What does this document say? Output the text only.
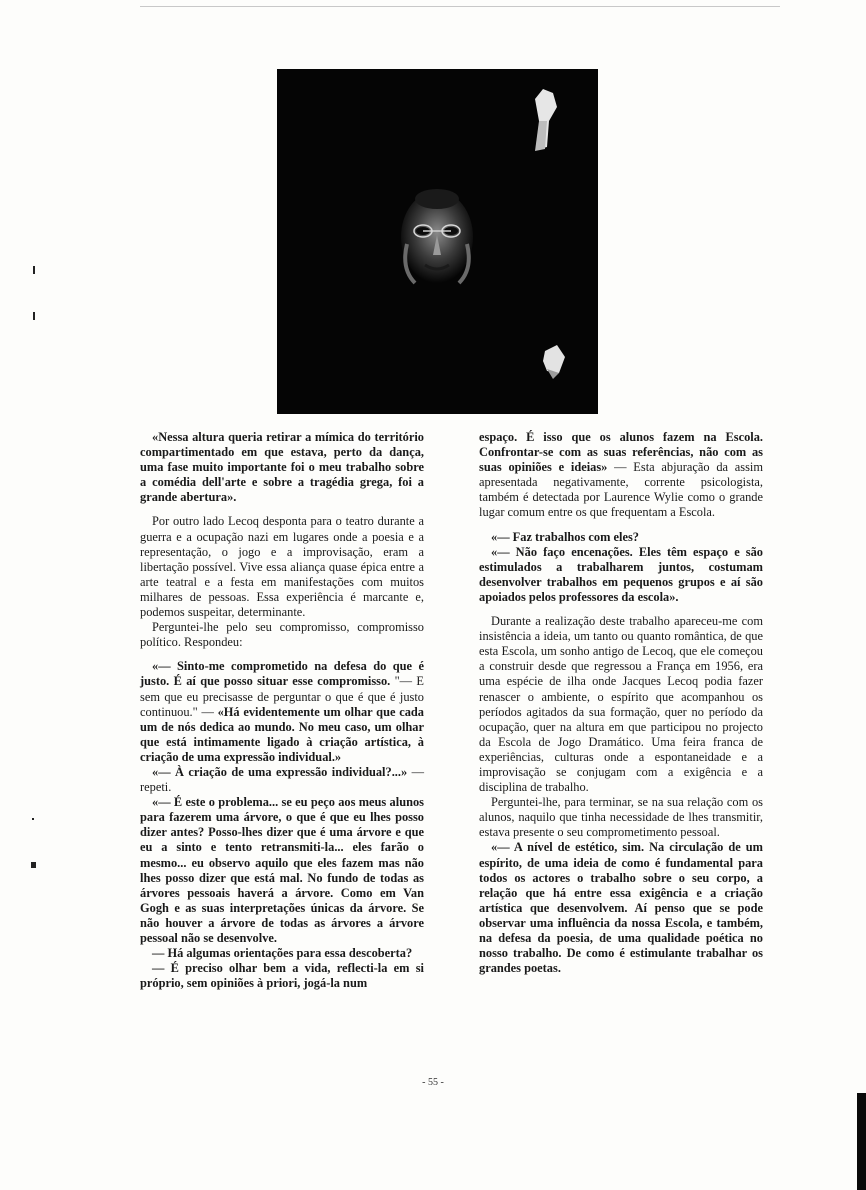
«Nessa altura queria retirar a mímica do território compartimentado em que estava, perto da dança, uma fase muito importante foi o meu trabalho sobre a comédia dell'arte e sobre a tragédia grega, foi a grande abertura».

Por outro lado Lecoq desponta para o teatro durante a guerra e a ocupação nazi em lugares onde a poesia e a representação, o jogo e a improvisação, eram a libertação possível. Vive essa aliança quase épica entre a arte teatral e a festa em manifestações com muitos milhares de pessoas. Essa experiência é marcante e, podemos suspeitar, determinante.

Perguntei-lhe pelo seu compromisso, compromisso político. Respondeu:

«— Sinto-me comprometido na defesa do que é justo. É aí que posso situar esse compromisso. "— E sem que eu precisasse de perguntar o que é que é justo continuou." — «Há evidentemente um olhar que cada um de nós dedica ao mundo. No meu caso, um olhar que está intimamente ligado à criação artística, à criação de uma expressão individual.»

«— À criação de uma expressão individual?...» — repeti.

«— É este o problema... se eu peço aos meus alunos para fazerem uma árvore, o que é que eu lhes posso dizer antes? Posso-lhes dizer que é uma árvore e que eu a sinto e tento retransmiti-la... eles farão o mesmo... eu observo aquilo que eles fazem mas não lhes posso dizer que está mal. No fundo de todas as árvores pessoais haverá a árvore. Como em Van Gogh e as suas interpretações únicas da árvore. Se não houver a árvore de todas as árvores a árvore pessoal não se desenvolve.

— Há algumas orientações para essa descoberta?

— É preciso olhar bem a vida, reflecti-la em si próprio, sem opiniões à priori, jogá-la num

espaço. É isso que os alunos fazem na Escola. Confrontar-se com as suas referências, não com as suas opiniões e ideias» — Esta abjuração da assim apresentada negativamente, corrente psicologista, também é detectada por Laurence Wylie como o grande lugar comum entre os que frequentam a Escola.

«— Faz trabalhos com eles?

«— Não faço encenações. Eles têm espaço e são estimulados a trabalharem juntos, costumam desenvolver trabalhos em pequenos grupos e aí são apoiados pelos professores da escola».

Durante a realização deste trabalho apareceu-me com insistência a ideia, um tanto ou quanto romântica, de que esta Escola, um sonho antigo de Lecoq, que ele começou a construir desde que regressou a França em 1956, era uma espécie de ilha onde Jacques Lecoq podia fazer renascer o ambiente, o espírito que acompanhou os períodos agitados da sua formação, quer no período da ocupação, quer na altura em que participou no projecto da Escola de Jogo Dramático. Uma feira franca de experiências, culturas onde a espontaneidade e a improvisação se conjugam com a exigência e a disciplina de trabalho.

Perguntei-lhe, para terminar, se na sua relação com os alunos, naquilo que tinha necessidade de lhes transmitir, estava presente o seu comprometimento pessoal.

«— A nível de estético, sim. Na circulação de um espírito, de uma ideia de como é fundamental para todos os actores o trabalho sobre o seu corpo, a relação que há entre essa exigência e a criação artística que desenvolvem. Aí penso que se pode observar uma influência da nossa Escola, e também, na defesa da poesia, de uma qualidade poética no nosso trabalho. De como é estimulante trabalhar os grandes poetas.

- 55 -
